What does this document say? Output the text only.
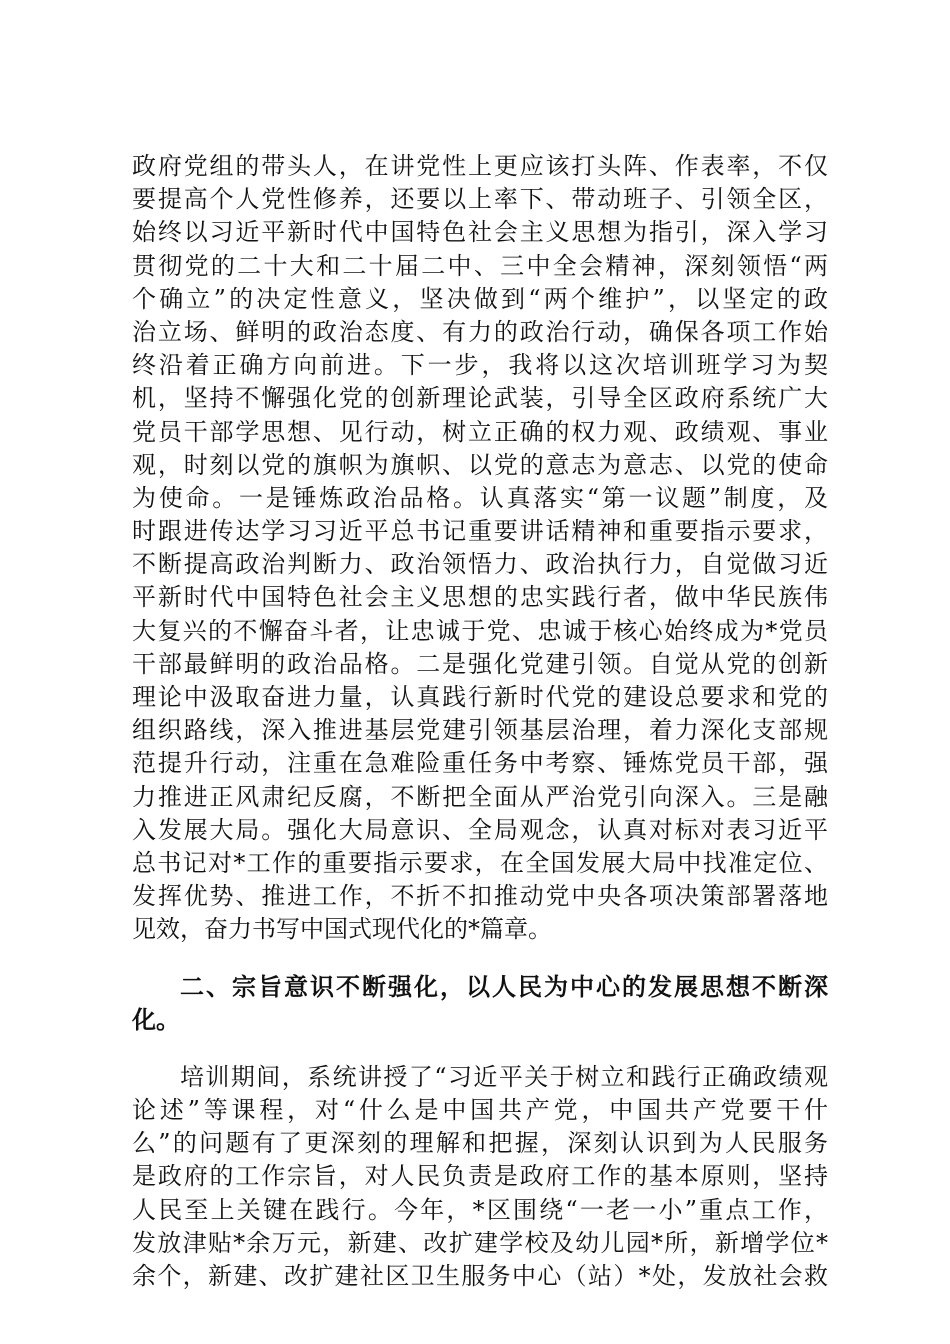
政府党组的带头人，在讲党性上更应该打头阵、作表率，不仅
要提高个人党性修养，还要以上率下、带动班子、引领全区，
始终以习近平新时代中国特色社会主义思想为指引，深入学习
贯彻党的二十大和二十届二中、三中全会精神，深刻领悟“两
个确立”的决定性意义，坚决做到“两个维护”，以坚定的政
治立场、鲜明的政治态度、有力的政治行动，确保各项工作始
终沿着正确方向前进。下一步，我将以这次培训班学习为契
机，坚持不懈强化党的创新理论武装，引导全区政府系统广大
党员干部学思想、见行动，树立正确的权力观、政绩观、事业
观，时刻以党的旗帜为旗帜、以党的意志为意志、以党的使命
为使命。一是锤炼政治品格。认真落实“第一议题”制度，及
时跟进传达学习习近平总书记重要讲话精神和重要指示要求，
不断提高政治判断力、政治领悟力、政治执行力，自觉做习近
平新时代中国特色社会主义思想的忠实践行者，做中华民族伟
大复兴的不懈奋斗者，让忠诚于党、忠诚于核心始终成为*党员
干部最鲜明的政治品格。二是强化党建引领。自觉从党的创新
理论中汲取奋进力量，认真践行新时代党的建设总要求和党的
组织路线，深入推进基层党建引领基层治理，着力深化支部规
范提升行动，注重在急难险重任务中考察、锤炼党员干部，强
力推进正风肃纪反腐，不断把全面从严治党引向深入。三是融
入发展大局。强化大局意识、全局观念，认真对标对表习近平
总书记对*工作的重要指示要求，在全国发展大局中找准定位、
发挥优势、推进工作，不折不扣推动党中央各项决策部署落地
见效，奋力书写中国式现代化的*篇章。
二、宗旨意识不断强化，以人民为中心的发展思想不断深
化。
培训期间，系统讲授了“习近平关于树立和践行正确政绩观
论述”等课程，对“什么是中国共产党，中国共产党要干什
么”的问题有了更深刻的理解和把握，深刻认识到为人民服务
是政府的工作宗旨，对人民负责是政府工作的基本原则，坚持
人民至上关键在践行。今年，*区围绕“一老一小”重点工作，
发放津贴*余万元，新建、改扩建学校及幼儿园*所，新增学位*
余个，新建、改扩建社区卫生服务中心（站）*处，发放社会救
